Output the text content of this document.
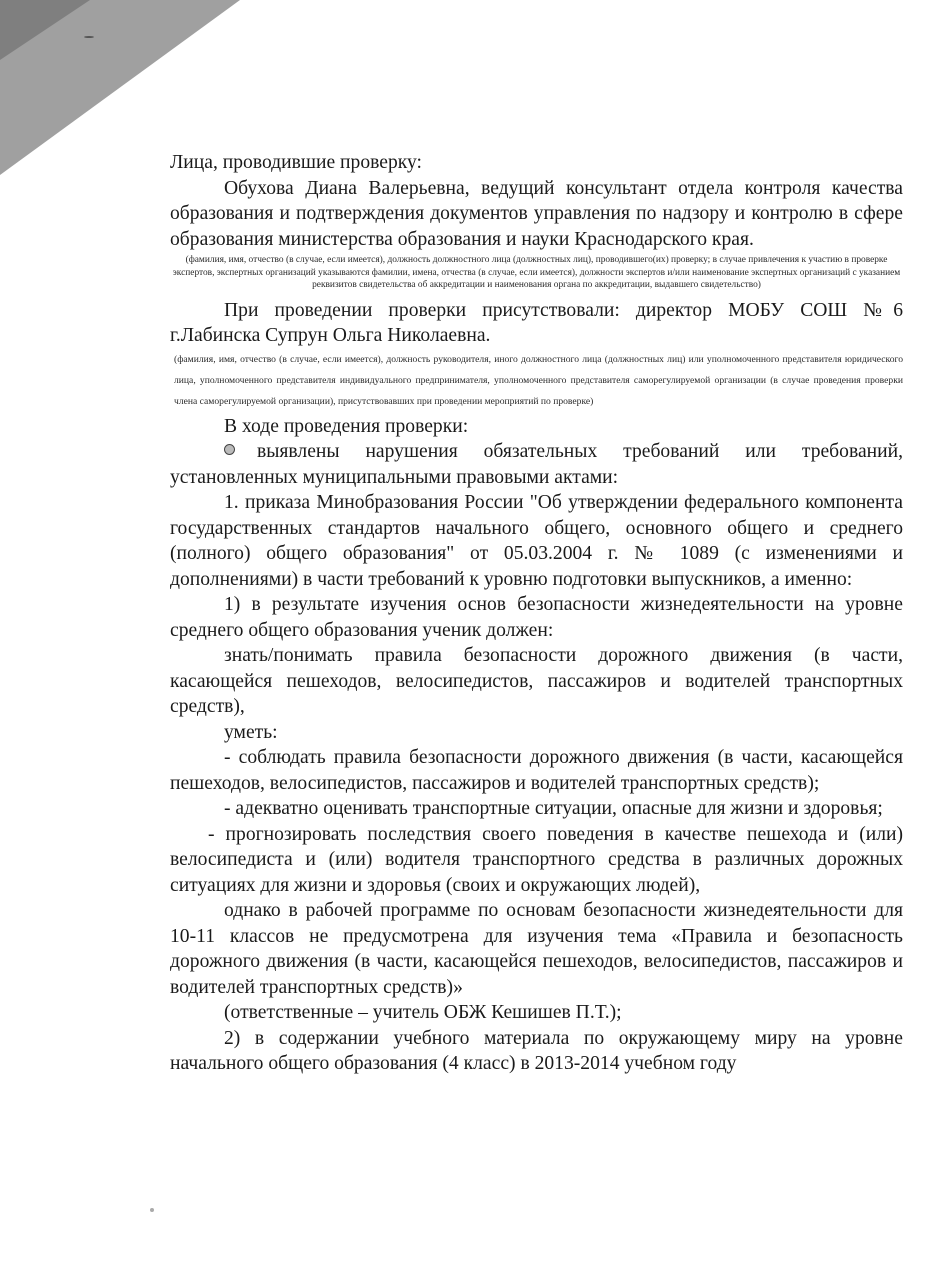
Лица, проводившие проверку:

Обухова Диана Валерьевна, ведущий консультант отдела контроля качества образования и подтверждения документов управления по надзору и контролю в сфере образования министерства образования и науки Краснодарского края.

(фамилия, имя, отчество (в случае, если имеется), должность должностного лица (должностных лиц), проводившего(их) проверку; в случае привлечения к участию в проверке экспертов, экспертных организаций указываются фамилии, имена, отчества (в случае, если имеется), должности экспертов и/или наименование экспертных организаций с указанием реквизитов свидетельства об аккредитации и наименования органа по аккредитации, выдавшего свидетельство)

При проведении проверки присутствовали: директор МОБУ СОШ №6 г.Лабинска Супрун Ольга Николаевна.

(фамилия, имя, отчество (в случае, если имеется), должность руководителя, иного должностного лица (должностных лиц) или уполномоченного представителя юридического лица, уполномоченного представителя индивидуального предпринимателя, уполномоченного представителя саморегулируемой организации (в случае проведения проверки члена саморегулируемой организации), присутствовавших при проведении мероприятий по проверке)

В ходе проведения проверки:

выявлены нарушения обязательных требований или требований, установленных муниципальными правовыми актами:

1. приказа Минобразования России "Об утверждении федерального компонента государственных стандартов начального общего, основного общего и среднего (полного) общего образования" от 05.03.2004 г. № 1089 (с изменениями и дополнениями) в части требований к уровню подготовки выпускников, а именно:

1) в результате изучения основ безопасности жизнедеятельности на уровне среднего общего образования ученик должен:

знать/понимать правила безопасности дорожного движения (в части, касающейся пешеходов, велосипедистов, пассажиров и водителей транспортных средств),

уметь:

- соблюдать правила безопасности дорожного движения (в части, касающейся пешеходов, велосипедистов, пассажиров и водителей транспортных средств);

- адекватно оценивать транспортные ситуации, опасные для жизни и здоровья;

- прогнозировать последствия своего поведения в качестве пешехода и (или) велосипедиста и (или) водителя транспортного средства в различных дорожных ситуациях для жизни и здоровья (своих и окружающих людей),

однако в рабочей программе по основам безопасности жизнедеятельности для 10-11 классов не предусмотрена для изучения тема «Правила и безопасность дорожного движения (в части, касающейся пешеходов, велосипедистов, пассажиров и водителей транспортных средств)»

(ответственные – учитель ОБЖ Кешишев П.Т.);

2) в содержании учебного материала по окружающему миру на уровне начального общего образования (4 класс) в 2013-2014 учебном году
